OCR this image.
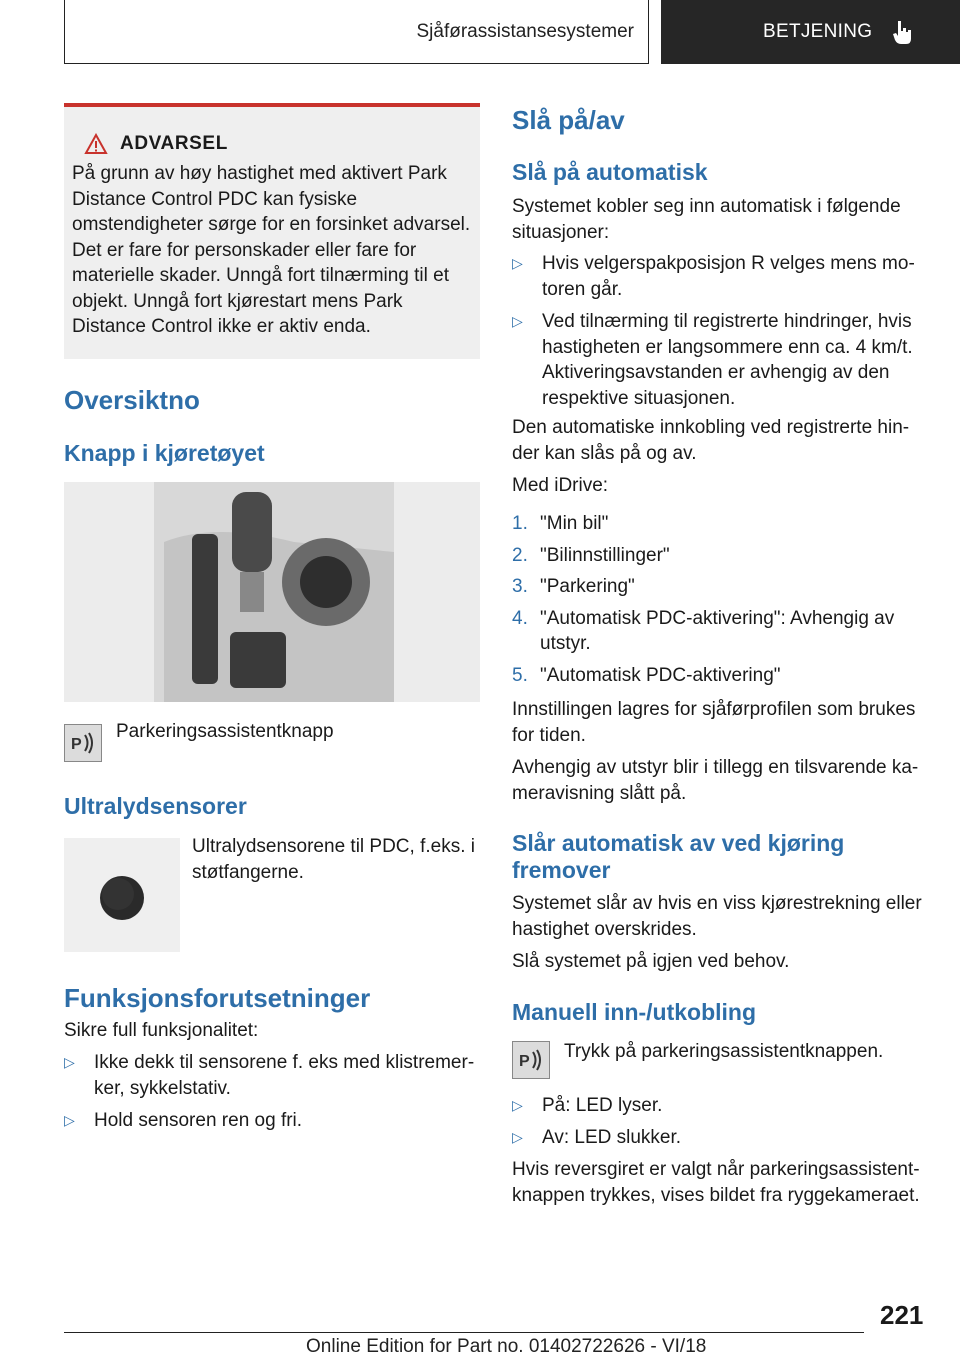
Sjåførassistansesystemer	BETJENING
ADVARSEL

På grunn av høy hastighet med aktivert Park Distance Control PDC kan fysiske omstendigheter sørge for en forsinket advarsel. Det er fare for personskader eller fare for materielle skader. Unngå fort tilnærming til et objekt. Unngå fort kjørestart mens Park Distance Control ikke er aktiv enda.

Oversiktno
Knapp i kjøretøyet
P

Parkeringsassistentknapp

Ultralydsensorer

Ultralydsensorene til PDC, f.eks. i støtfangerne.

Funksjonsforutsetninger

Sikre full funksjonalitet:

▷ Ikke dekk til sensorene f. eks med klistremerker, sykkelstativ.
▷ Hold sensoren ren og fri.
Slå på/av
Slå på automatisk

Systemet kobler seg inn automatisk i følgende situasjoner:

▷ Hvis velgerspakposisjon R velges mens motoren går.
▷ Ved tilnærming til registrerte hindringer, hvis hastigheten er langsommere enn ca. 4 km/t. Aktiveringsavstanden er avhengig av den respektive situasjonen.

Den automatiske innkobling ved registrerte hinder kan slås på og av.

Med iDrive:

1. "Min bil"
2. "Bilinnstillinger"
3. "Parkering"
4. "Automatisk PDC-aktivering": Avhengig av utstyr.
5. "Automatisk PDC-aktivering"

Innstillingen lagres for sjåførprofilen som brukes for tiden.

Avhengig av utstyr blir i tillegg en tilsvarende kameravisning slått på.

Slår automatisk av ved kjøring fremover

Systemet slår av hvis en viss kjørestrekning eller hastighet overskrides.

Slå systemet på igjen ved behov.

Manuell inn-/utkobling
P Trykk på parkeringsassistentknappen.

▷ På: LED lyser.
▷ Av: LED slukker.

Hvis reversgiret er valgt når parkeringsassistentknappen trykkes, vises bildet fra ryggekameraet.

221
Online Edition for Part no. 01402722626 - VI/18
